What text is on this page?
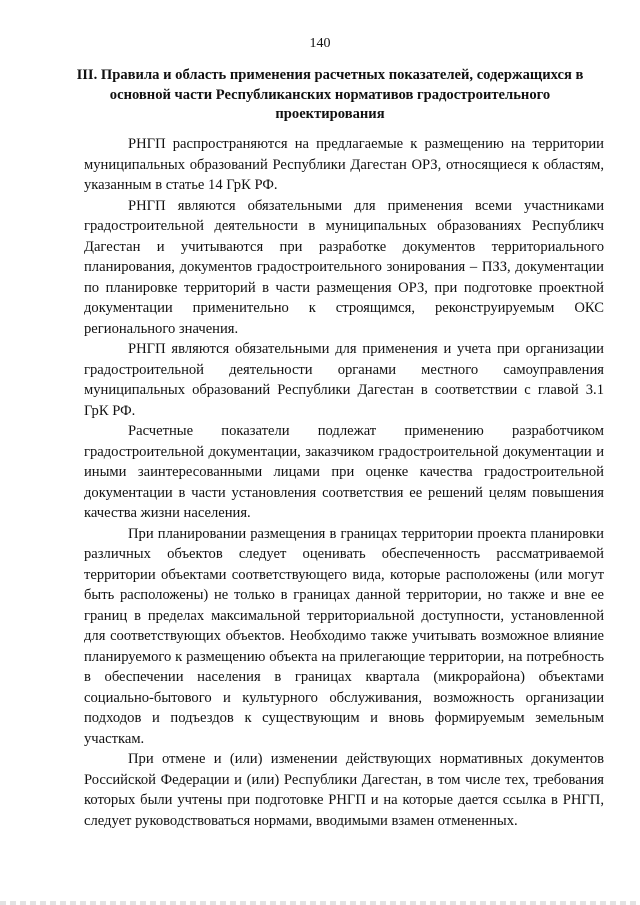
140
III. Правила и область применения расчетных показателей, содержащихся в основной части Республиканских нормативов градостроительного проектирования

РНГП распространяются на предлагаемые к размещению на территории муниципальных образований Республики Дагестан ОРЗ, относящиеся к областям, указанным в статье 14 ГрК РФ.

РНГП являются обязательными для применения всеми участниками градостроительной деятельности в муниципальных образованиях Республикч Дагестан и учитываются при разработке документов территориального планирования, документов градостроительного зонирования – ПЗЗ, документации по планировке территорий в части размещения ОРЗ, при подготовке проектной документации применительно к строящимся, реконструируемым ОКС регионального значения.

РНГП являются обязательными для применения и учета при организации градостроительной деятельности органами местного самоуправления муниципальных образований Республики Дагестан в соответствии с главой 3.1 ГрК РФ.

Расчетные показатели подлежат применению разработчиком градостроительной документации, заказчиком градостроительной документации и иными заинтересованными лицами при оценке качества градостроительной документации в части установления соответствия ее решений целям повышения качества жизни населения.

При планировании размещения в границах территории проекта планировки различных объектов следует оценивать обеспеченность рассматриваемой территории объектами соответствующего вида, которые расположены (или могут быть расположены) не только в границах данной территории, но также и вне ее границ в пределах максимальной территориальной доступности, установленной для соответствующих объектов. Необходимо также учитывать возможное влияние планируемого к размещению объекта на прилегающие территории, на потребность в обеспечении населения в границах квартала (микрорайона) объектами социально-бытового и культурного обслуживания, возможность организации подходов и подъездов к существующим и вновь формируемым земельным участкам.

При отмене и (или) изменении действующих нормативных документов Российской Федерации и (или) Республики Дагестан, в том числе тех, требования которых были учтены при подготовке РНГП и на которые дается ссылка в РНГП, следует руководствоваться нормами, вводимыми взамен отмененных.
